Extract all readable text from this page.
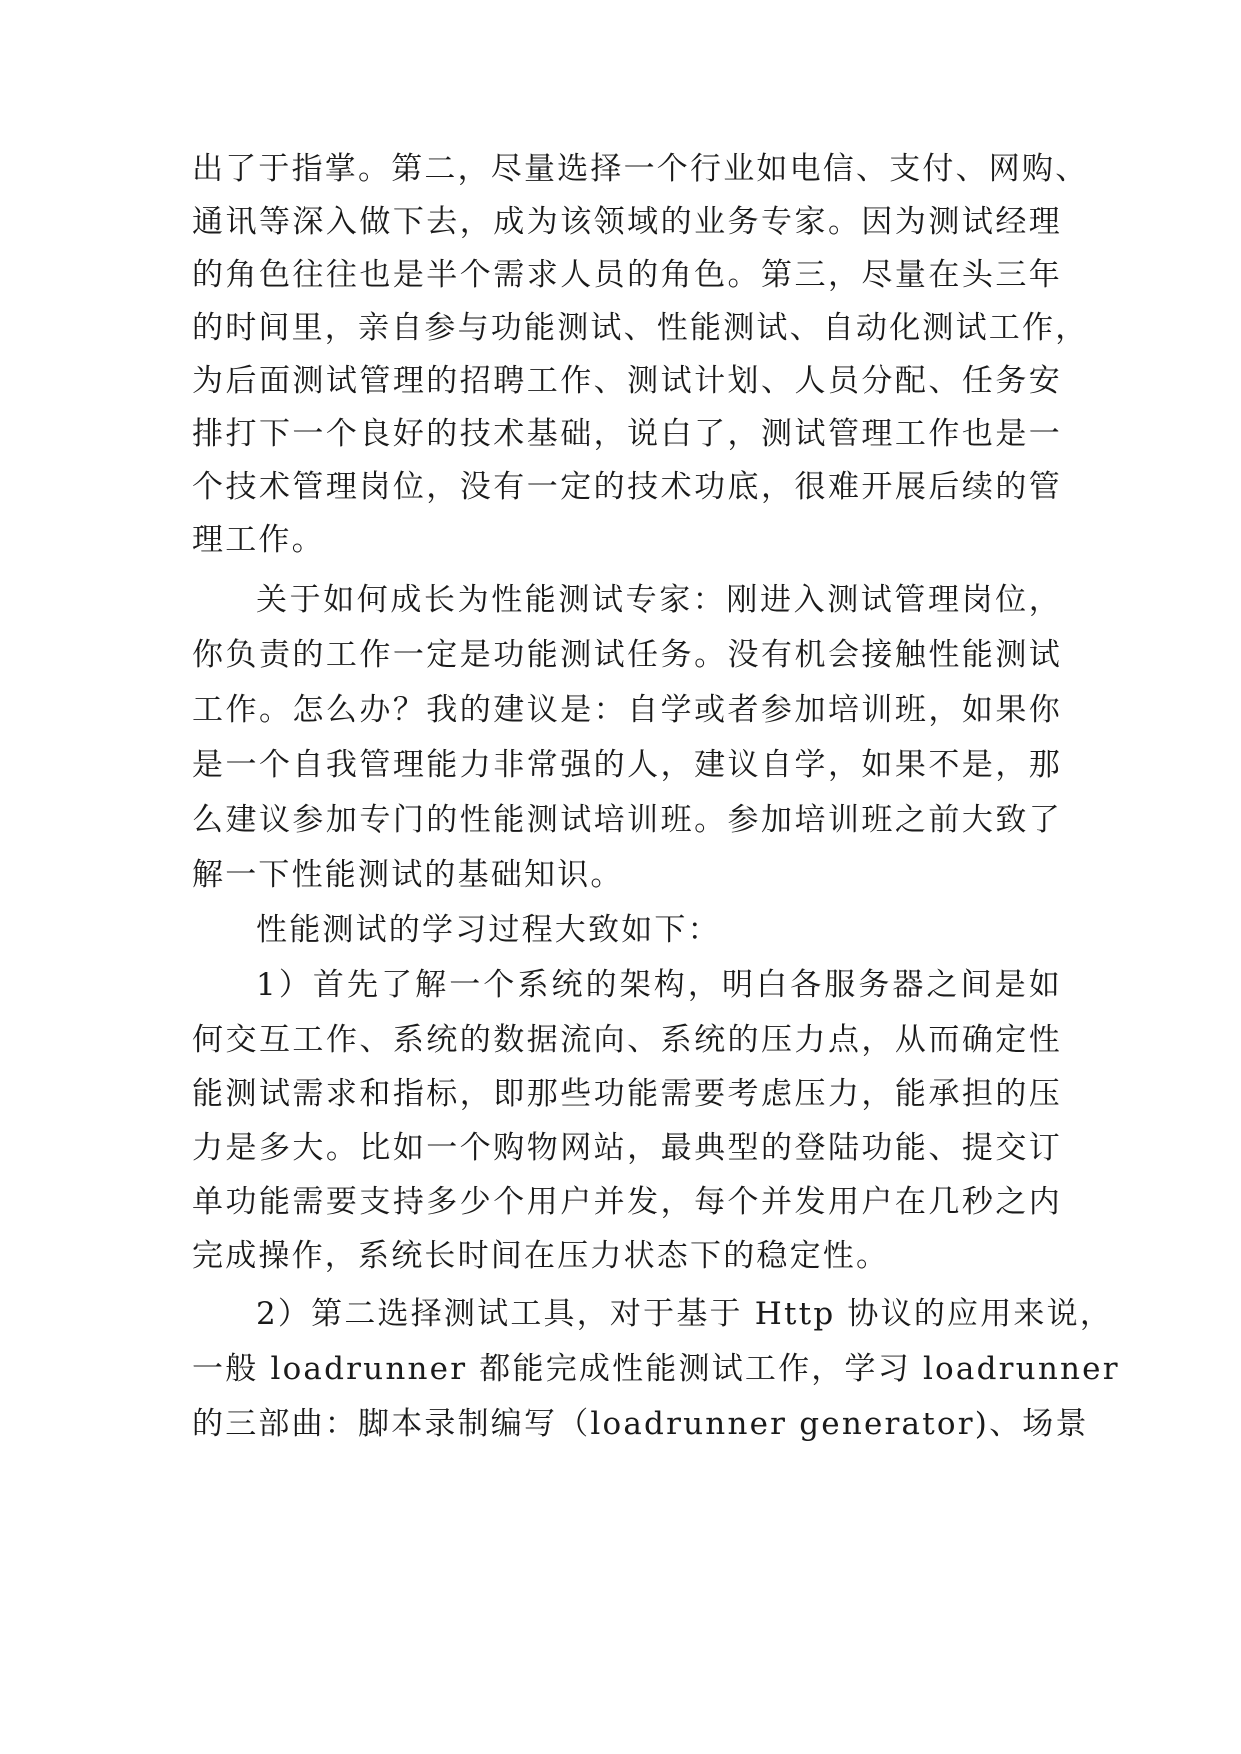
出了于指掌。第二，尽量选择一个行业如电信、支付、网购、
通讯等深入做下去，成为该领域的业务专家。因为测试经理
的角色往往也是半个需求人员的角色。第三，尽量在头三年
的时间里，亲自参与功能测试、性能测试、自动化测试工作，
为后面测试管理的招聘工作、测试计划、人员分配、任务安
排打下一个良好的技术基础，说白了，测试管理工作也是一
个技术管理岗位，没有一定的技术功底，很难开展后续的管
理工作。
关于如何成长为性能测试专家：刚进入测试管理岗位，
你负责的工作一定是功能测试任务。没有机会接触性能测试
工作。怎么办？我的建议是：自学或者参加培训班，如果你
是一个自我管理能力非常强的人，建议自学，如果不是，那
么建议参加专门的性能测试培训班。参加培训班之前大致了
解一下性能测试的基础知识。
性能测试的学习过程大致如下：
1）首先了解一个系统的架构，明白各服务器之间是如
何交互工作、系统的数据流向、系统的压力点，从而确定性
能测试需求和指标，即那些功能需要考虑压力，能承担的压
力是多大。比如一个购物网站，最典型的登陆功能、提交订
单功能需要支持多少个用户并发，每个并发用户在几秒之内
完成操作，系统长时间在压力状态下的稳定性。
2）第二选择测试工具，对于基于 Http 协议的应用来说，
一般 loadrunner 都能完成性能测试工作，学习 loadrunner
的三部曲：脚本录制编写（loadrunner generator)、场景
